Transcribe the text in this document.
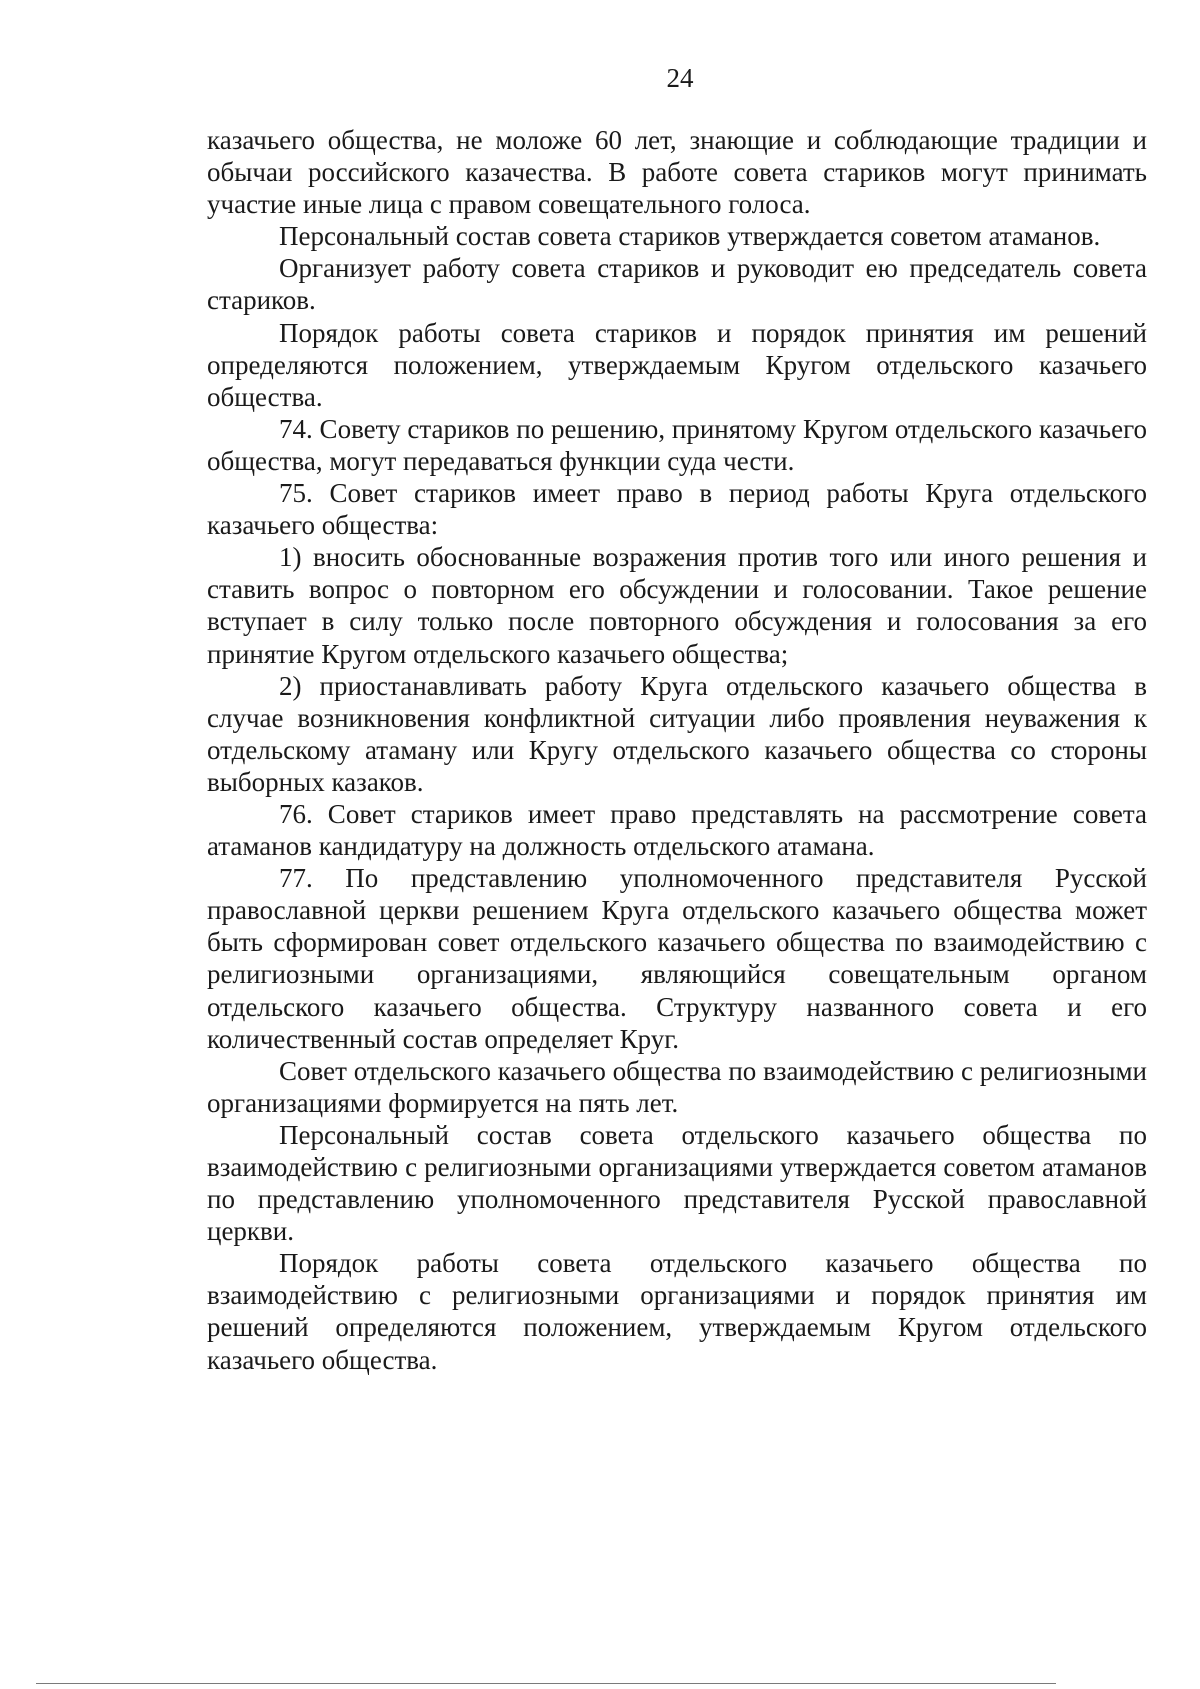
24

казачьего общества, не моложе 60 лет, знающие и соблюдающие традиции и обычаи российского казачества. В работе совета стариков могут принимать участие иные лица с правом совещательного голоса.

Персональный состав совета стариков утверждается советом атаманов.

Организует работу совета стариков и руководит ею председатель совета стариков.

Порядок работы совета стариков и порядок принятия им решений определяются положением, утверждаемым Кругом отдельского казачьего общества.

74. Совету стариков по решению, принятому Кругом отдельского казачьего общества, могут передаваться функции суда чести.

75. Совет стариков имеет право в период работы Круга отдельского казачьего общества:

1) вносить обоснованные возражения против того или иного решения и ставить вопрос о повторном его обсуждении и голосовании. Такое решение вступает в силу только после повторного обсуждения и голосования за его принятие Кругом отдельского казачьего общества;

2) приостанавливать работу Круга отдельского казачьего общества в случае возникновения конфликтной ситуации либо проявления неуважения к отдельскому атаману или Кругу отдельского казачьего общества со стороны выборных казаков.

76. Совет стариков имеет право представлять на рассмотрение совета атаманов кандидатуру на должность отдельского атамана.

77. По представлению уполномоченного представителя Русской православной церкви решением Круга отдельского казачьего общества может быть сформирован совет отдельского казачьего общества по взаимодействию с религиозными организациями, являющийся совещательным органом отдельского казачьего общества. Структуру названного совета и его количественный состав определяет Круг.

Совет отдельского казачьего общества по взаимодействию с религиозными организациями формируется на пять лет.

Персональный состав совета отдельского казачьего общества по взаимодействию с религиозными организациями утверждается советом атаманов по представлению уполномоченного представителя Русской православной церкви.

Порядок работы совета отдельского казачьего общества по взаимодействию с религиозными организациями и порядок принятия им решений определяются положением, утверждаемым Кругом отдельского казачьего общества.
